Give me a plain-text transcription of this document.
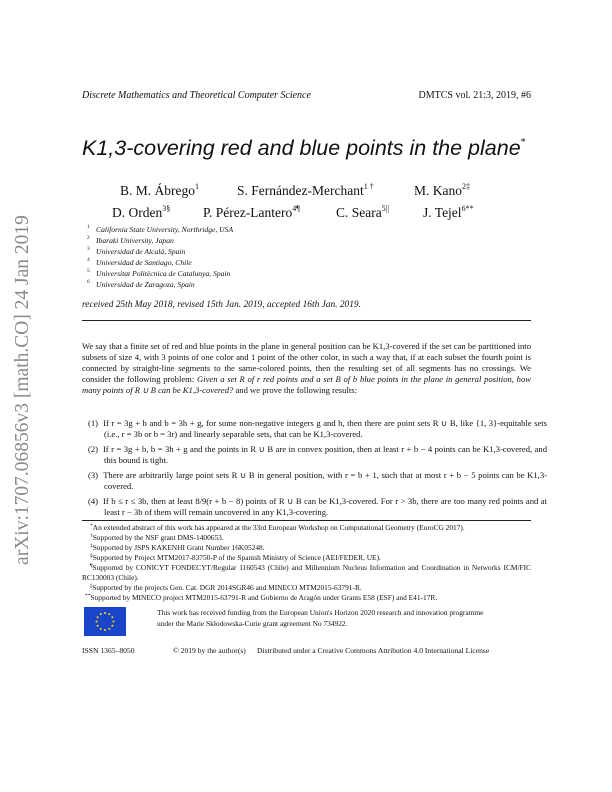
arXiv:1707.06856v3 [math.CO] 24 Jan 2019
Discrete Mathematics and Theoretical Computer Science	DMTCS vol. 21:3, 2019, #6
K1,3-covering red and blue points in the plane*
B. M. Ábrego$^1$	S. Fernández-Merchant$^{1 \dagger}$	M. Kano$^{2\ddagger}$
D. Orden$^{3\S}$ P. Pérez-Lantero$^{4\P}$	C. Seara$^{5||}$	J. Tejel$^{6**}$
1 California State University, Northridge, USA
2 Ibaraki University, Japan
3 Universidad de Alcalá, Spain
4 Universidad de Santiago, Chile
5 Universitat Politècnica de Catalunya, Spain
6 Universidad de Zaragoza, Spain
received 25th May 2018, revised 15th Jan. 2019, accepted 16th Jan. 2019.
We say that a finite set of red and blue points in the plane in general position can be K1,3-covered if the set can be partitioned into subsets of size 4, with 3 points of one color and 1 point of the other color, in such a way that, if at each subset the fourth point is connected by straight-line segments to the same-colored points, then the resulting set of all segments has no crossings. We consider the following problem: Given a set R of r red points and a set B of b blue points in the plane in general position, how many points of R ∪ B can be K1,3-covered? and we prove the following results:
(1) If r = 3g + h and b = 3h + g, for some non-negative integers g and h, then there are point sets R ∪ B, like {1, 3}-equitable sets (i.e., r = 3b or b = 3r) and linearly separable sets, that can be K1,3-covered.
(2) If r = 3g + b, b = 3h + g and the points in R ∪ B are in convex position, then at least r + b − 4 points can be K1,3-covered, and this bound is tight.
(3) There are arbitrarily large point sets R ∪ B in general position, with r = b + 1, such that at most r + b − 5 points can be K1,3-covered.
(4) If b ≤ r ≤ 3b, then at least 8/9(r + b − 8) points of R ∪ B can be K1,3-covered. For r > 3b, there are too many red points and at least r − 3b of them will remain uncovered in any K1,3-covering.
*An extended abstract of this work has appeared at the 33rd European Workshop on Computational Geometry (EuroCG 2017).
†Supported by the NSF grant DMS-1400653.
‡Supported by JSPS KAKENHI Grant Number 16K05248.
§Supported by Project MTM2017-83750-P of the Spanish Ministry of Science (AEI/FEDER, UE).
¶Supported by CONICYT FONDECYT/Regular 1160543 (Chile) and Millennium Nucleus Information and Coordination in Networks ICM/FIC RC130003 (Chile).
||Supported by the projects Gen. Cat. DGR 2014SGR46 and MINECO MTM2015-63791-R.
**Supported by MINECO project MTM2015-63791-R and Gobierno de Aragón under Grants E58 (ESF) and E41-17R.
This work has received funding from the European Union's Horizon 2020 research and innovation programme under the Marie Skłodowska-Curie grant agreement No 734922.
ISSN 1365–8050	© 2019 by the author(s) Distributed under a Creative Commons Attribution 4.0 International License
